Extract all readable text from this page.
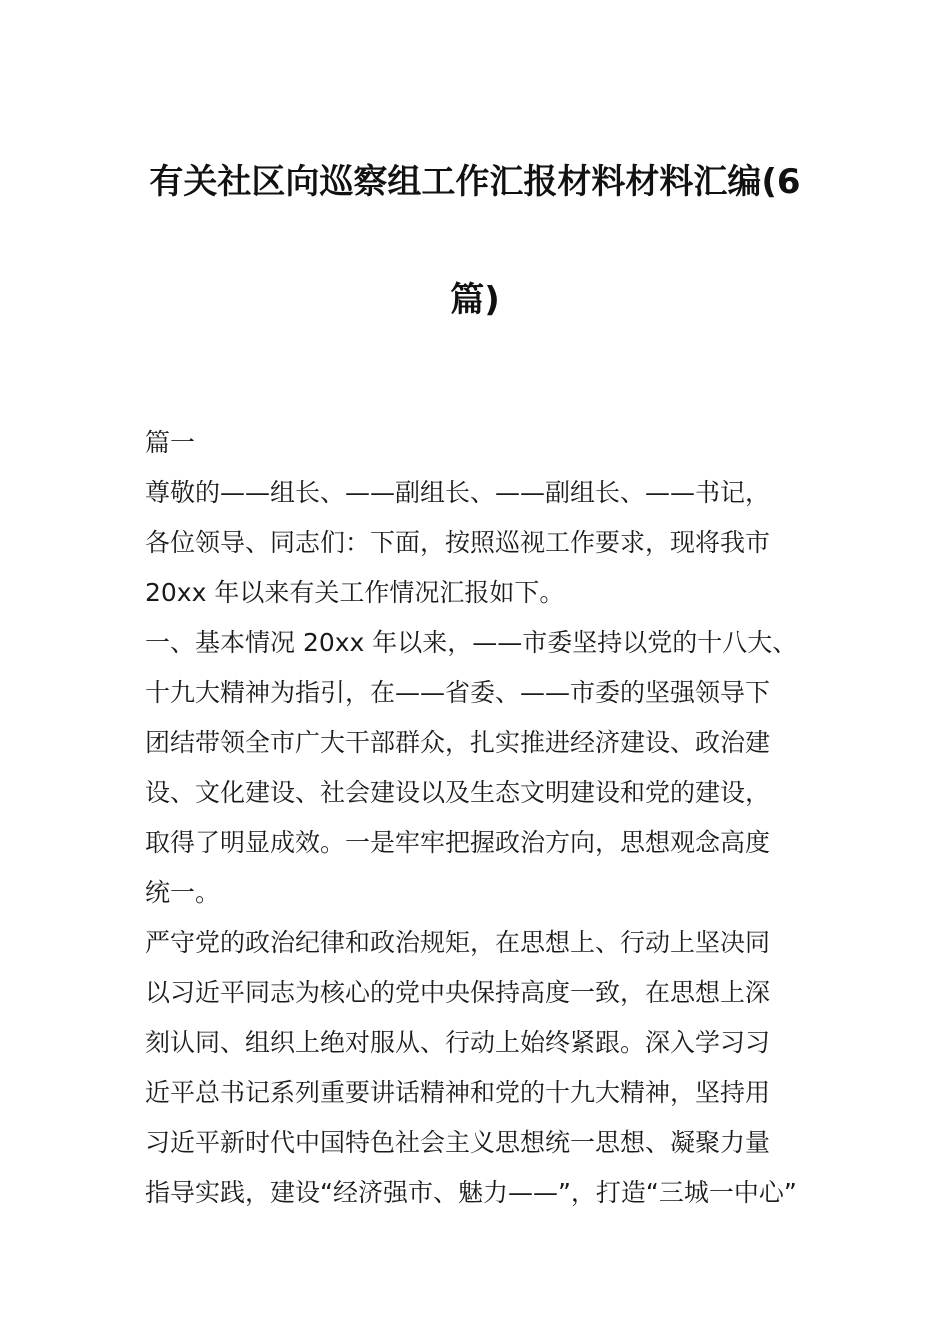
有关社区向巡察组工作汇报材料材料汇编(6
篇)
篇一
尊敬的——组长、——副组长、——副组长、——书记，
各位领导、同志们：下面，按照巡视工作要求，现将我市
20xx 年以来有关工作情况汇报如下。
一、基本情况 20xx 年以来，——市委坚持以党的十八大、
十九大精神为指引，在——省委、——市委的坚强领导下
团结带领全市广大干部群众，扎实推进经济建设、政治建
设、文化建设、社会建设以及生态文明建设和党的建设，
取得了明显成效。一是牢牢把握政治方向，思想观念高度
统一。
严守党的政治纪律和政治规矩，在思想上、行动上坚决同
以习近平同志为核心的党中央保持高度一致，在思想上深
刻认同、组织上绝对服从、行动上始终紧跟。深入学习习
近平总书记系列重要讲话精神和党的十九大精神，坚持用
习近平新时代中国特色社会主义思想统一思想、凝聚力量
指导实践，建设“经济强市、魅力——”，打造“三城一中心”
